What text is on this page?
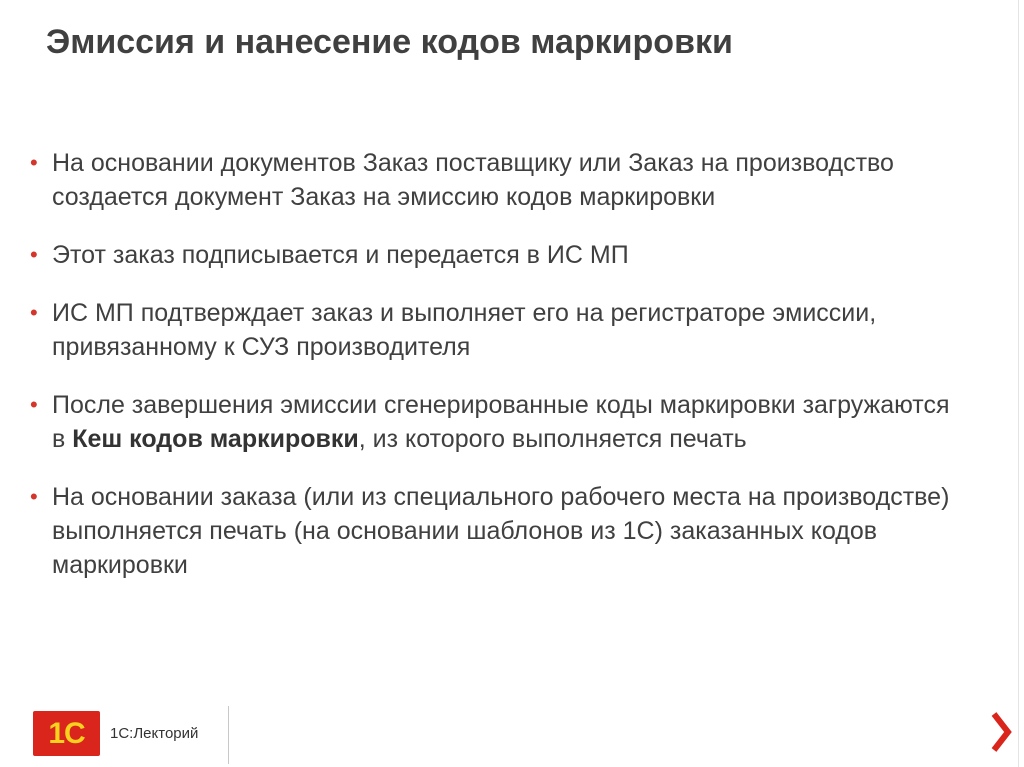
Эмиссия и нанесение кодов маркировки
• На основании документов Заказ поставщику или Заказ на производство создается документ Заказ на эмиссию кодов маркировки
• Этот заказ подписывается и передается в ИС МП
• ИС МП подтверждает заказ и выполняет его на регистраторе эмиссии, привязанному к СУЗ производителя
• После завершения эмиссии сгенерированные коды маркировки загружаются в Кеш кодов маркировки, из которого выполняется печать
• На основании заказа (или из специального рабочего места на производстве) выполняется печать (на основании шаблонов из 1С) заказанных кодов маркировки
1С	1С:Лекторий
